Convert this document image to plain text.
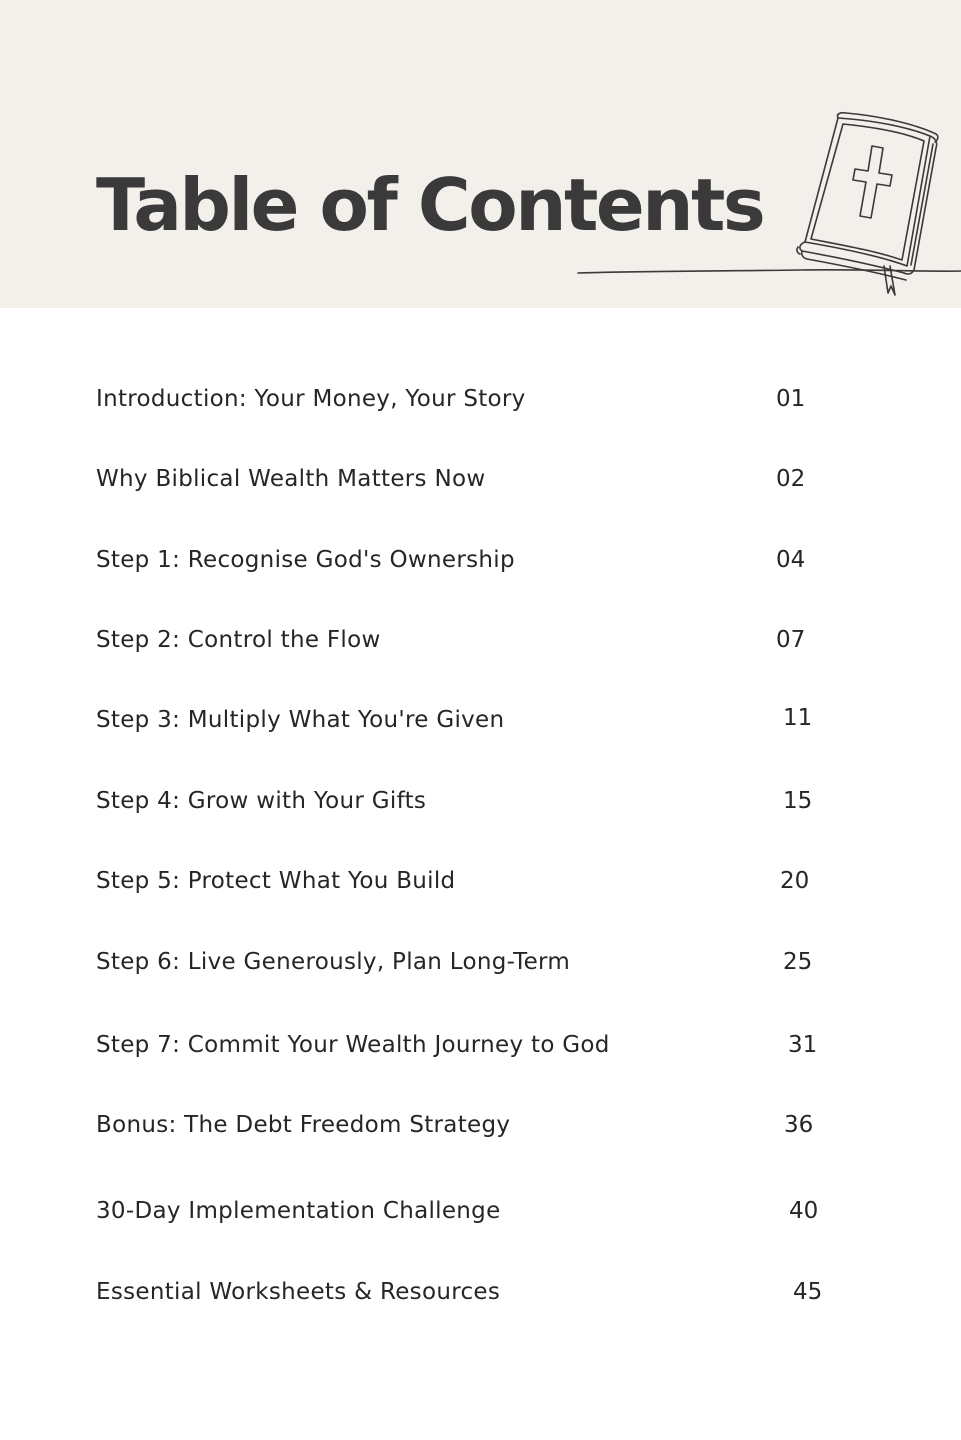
Table of Contents
Introduction: Your Money, Your Story	01
Why Biblical Wealth Matters Now	02
Step 1: Recognise God's Ownership	04
Step 2: Control the Flow	07
Step 3: Multiply What You're Given	11
Step 4: Grow with Your Gifts	15
Step 5: Protect What You Build	20
Step 6: Live Generously, Plan Long-Term	25
Step 7: Commit Your Wealth Journey to God	31
Bonus: The Debt Freedom Strategy	36
30-Day Implementation Challenge	40
Essential Worksheets & Resources	45
